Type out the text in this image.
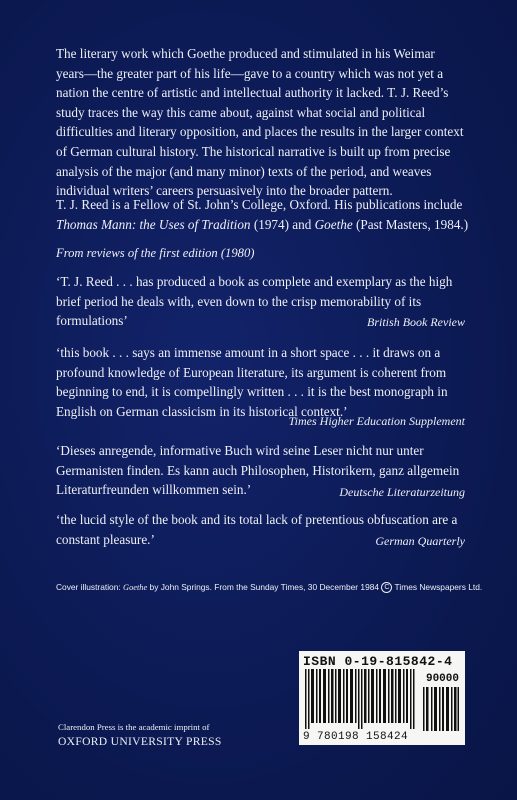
The literary work which Goethe produced and stimulated in his Weimar

years—the greater part of his life—gave to a country which was not yet a

nation the centre of artistic and intellectual authority it lacked. T. J. Reed’s

study traces the way this came about, against what social and political

difficulties and literary opposition, and places the results in the larger context

of German cultural history. The historical narrative is built up from precise

analysis of the major (and many minor) texts of the period, and weaves

individual writers’ careers persuasively into the broader pattern.

T. J. Reed is a Fellow of St. John’s College, Oxford. His publications include

Thomas Mann: the Uses of Tradition (1974) and Goethe (Past Masters, 1984.)

From reviews of the first edition (1980)

‘T. J. Reed . . . has produced a book as complete and exemplary as the high

brief period he deals with, even down to the crisp memorability of its

formulations’	British Book Review

‘this book . . . says an immense amount in a short space . . . it draws on a

profound knowledge of European literature, its argument is coherent from

beginning to end, it is compellingly written . . . it is the best monograph in

English on German classicism in its historical context.’

Times Higher Education Supplement

‘Dieses anregende, informative Buch wird seine Leser nicht nur unter

Germanisten finden. Es kann auch Philosophen, Historikern, ganz allgemein

Literaturfreunden willkommen sein.’	Deutsche Literaturzeitung

‘the lucid style of the book and its total lack of pretentious obfuscation are a

constant pleasure.’	German Quarterly
Cover illustration: Goethe by John Springs. From the Sunday Times, 30 December 1984 C Times Newspapers Ltd.
ISBN 0-19-815842-4
90000
9 780198 158424
Clarendon Press is the academic imprint of
OXFORD UNIVERSITY PRESS
